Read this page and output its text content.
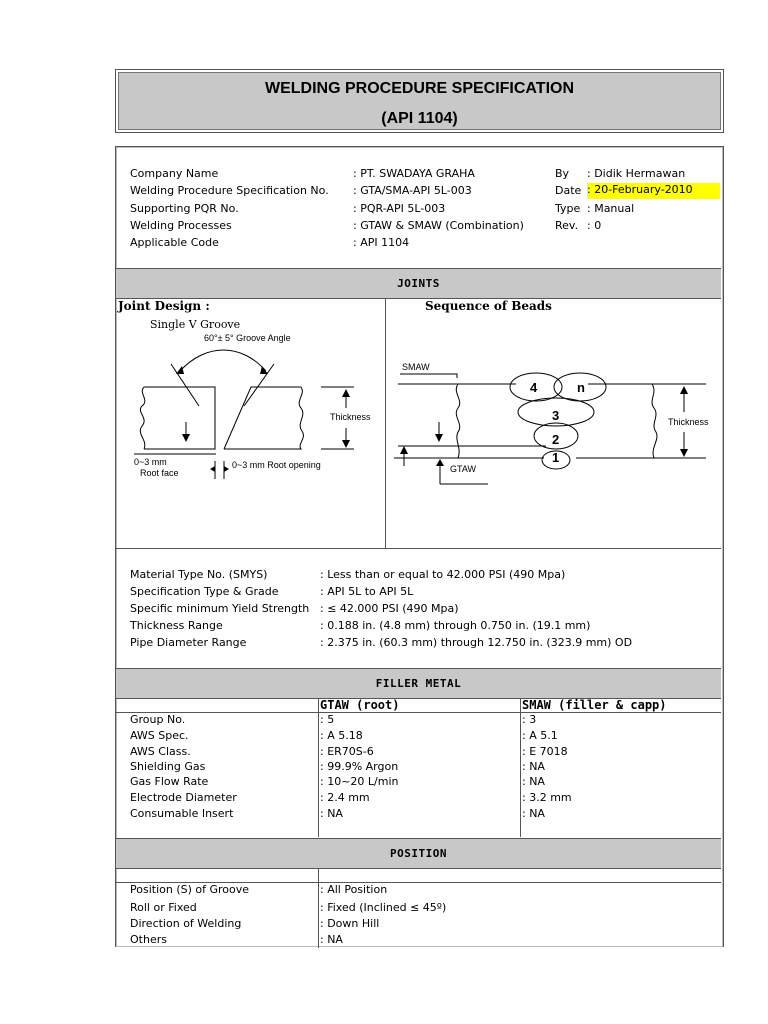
WELDING PROCEDURE SPECIFICATION
(API 1104)
Company Name	: PT. SWADAYA GRAHA
Welding Procedure Specification No. : GTA/SMA-API 5L-003
Supporting PQR No.	: PQR-API 5L-003
Welding Processes	: GTAW & SMAW (Combination)
Applicable Code	: API 1104
By : Didik Hermawan
Date : 20-February-2010
Type : Manual
Rev. : 0
JOINTS
Joint Design :
Single V Groove
Sequence of Beads
60°± 5° Groove Angle
Thickness
0~3 mm
Root face
0~3 mm Root opening
SMAW
4	n
3
2
1
GTAW
Thickness
Material Type No. (SMYS)	: Less than or equal to 42.000 PSI (490 Mpa)
Specification Type & Grade	: API 5L to API 5L
Specific minimum Yield Strength : ≤ 42.000 PSI (490 Mpa)
Thickness Range	: 0.188 in. (4.8 mm) through 0.750 in. (19.1 mm)
Pipe Diameter Range	: 2.375 in. (60.3 mm) through 12.750 in. (323.9 mm) OD
FILLER METAL
GTAW (root)	SMAW (filler & capp)
Group No.	: 5	: 3
AWS Spec.	: A 5.18	: A 5.1
AWS Class.	: ER70S-6	: E 7018
Shielding Gas	: 99.9% Argon	: NA
Gas Flow Rate	: 10~20 L/min	: NA
Electrode Diameter	: 2.4 mm	: 3.2 mm
Consumable Insert	: NA	: NA
POSITION
Position (S) of Groove	: All Position
Roll or Fixed	: Fixed (Inclined ≤ 45º)
Direction of Welding	: Down Hill
Others	: NA
